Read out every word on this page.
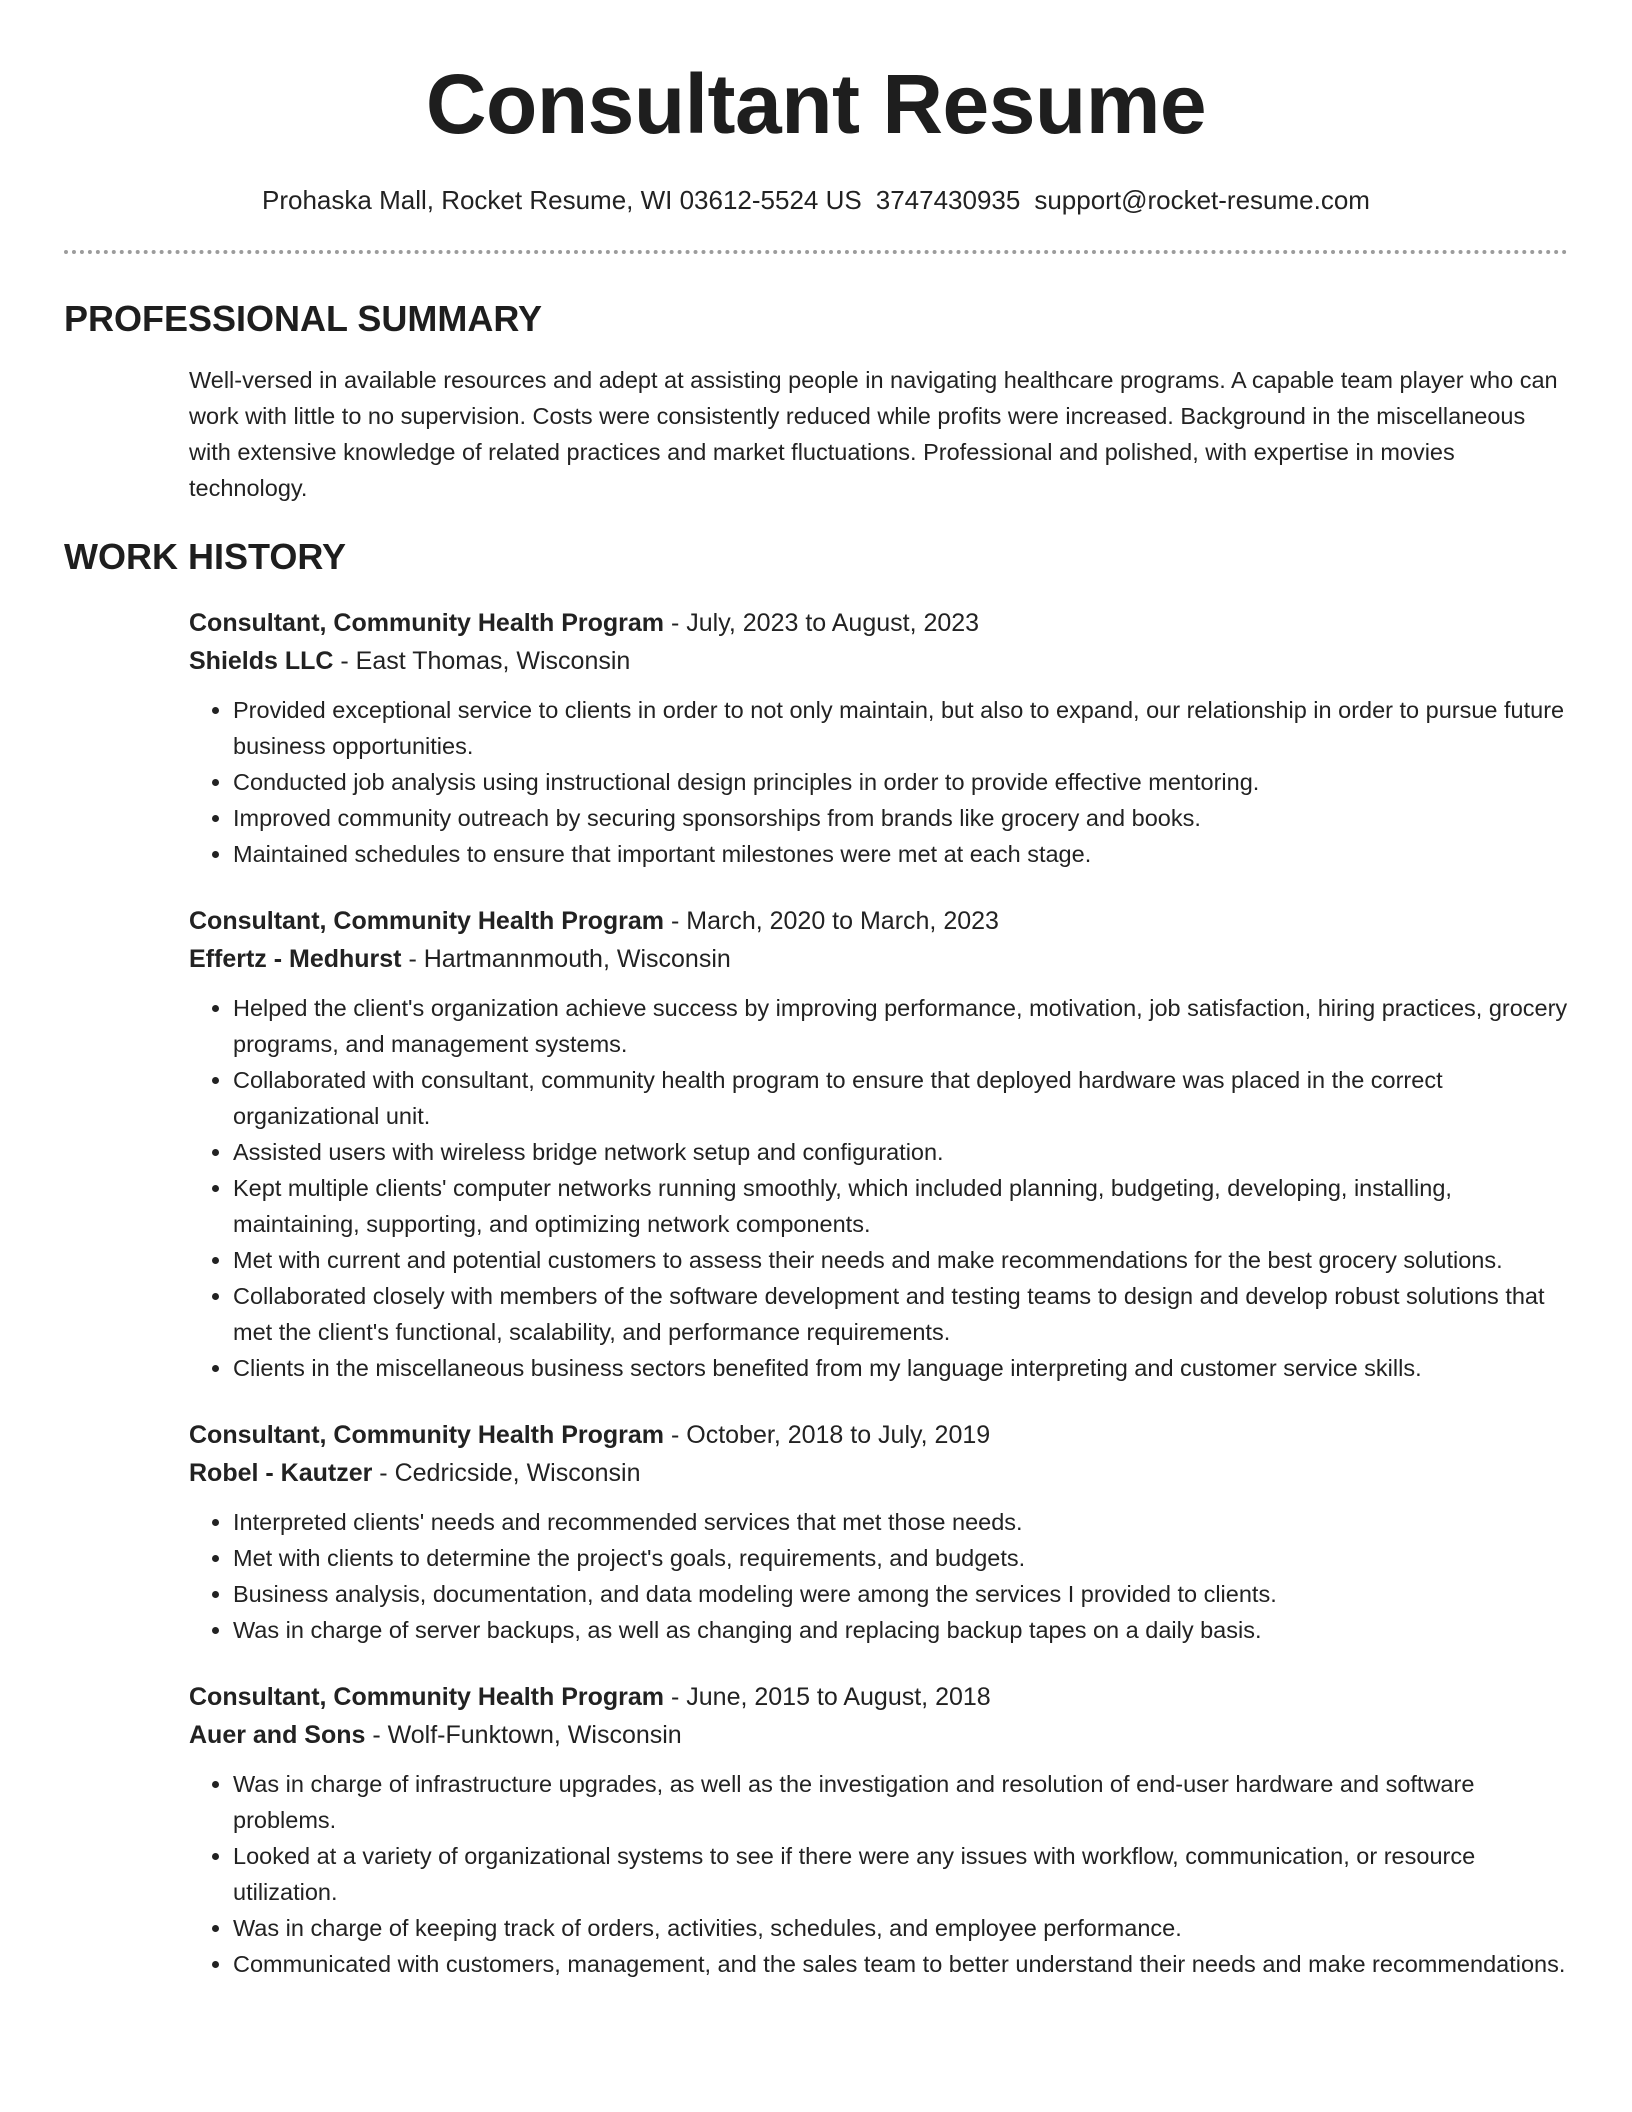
Consultant Resume
Prohaska Mall, Rocket Resume, WI 03612-5524 US 3747430935 support@rocket-resume.com
PROFESSIONAL SUMMARY

Well-versed in available resources and adept at assisting people in navigating healthcare programs. A capable team player who can work with little to no supervision. Costs were consistently reduced while profits were increased. Background in the miscellaneous with extensive knowledge of related practices and market fluctuations. Professional and polished, with expertise in movies technology.

WORK HISTORY
Consultant, Community Health Program - July, 2023 to August, 2023
Shields LLC - East Thomas, Wisconsin
• Provided exceptional service to clients in order to not only maintain, but also to expand, our relationship in order to pursue future business opportunities.
• Conducted job analysis using instructional design principles in order to provide effective mentoring.
• Improved community outreach by securing sponsorships from brands like grocery and books.
• Maintained schedules to ensure that important milestones were met at each stage.
Consultant, Community Health Program - March, 2020 to March, 2023
Effertz - Medhurst - Hartmannmouth, Wisconsin
• Helped the client's organization achieve success by improving performance, motivation, job satisfaction, hiring practices, grocery programs, and management systems.
• Collaborated with consultant, community health program to ensure that deployed hardware was placed in the correct organizational unit.
• Assisted users with wireless bridge network setup and configuration.
• Kept multiple clients' computer networks running smoothly, which included planning, budgeting, developing, installing, maintaining, supporting, and optimizing network components.
• Met with current and potential customers to assess their needs and make recommendations for the best grocery solutions.
• Collaborated closely with members of the software development and testing teams to design and develop robust solutions that met the client's functional, scalability, and performance requirements.
• Clients in the miscellaneous business sectors benefited from my language interpreting and customer service skills.
Consultant, Community Health Program - October, 2018 to July, 2019
Robel - Kautzer - Cedricside, Wisconsin
• Interpreted clients' needs and recommended services that met those needs.
• Met with clients to determine the project's goals, requirements, and budgets.
• Business analysis, documentation, and data modeling were among the services I provided to clients.
• Was in charge of server backups, as well as changing and replacing backup tapes on a daily basis.
Consultant, Community Health Program - June, 2015 to August, 2018
Auer and Sons - Wolf-Funktown, Wisconsin
• Was in charge of infrastructure upgrades, as well as the investigation and resolution of end-user hardware and software problems.
• Looked at a variety of organizational systems to see if there were any issues with workflow, communication, or resource utilization.
• Was in charge of keeping track of orders, activities, schedules, and employee performance.
• Communicated with customers, management, and the sales team to better understand their needs and make recommendations.
